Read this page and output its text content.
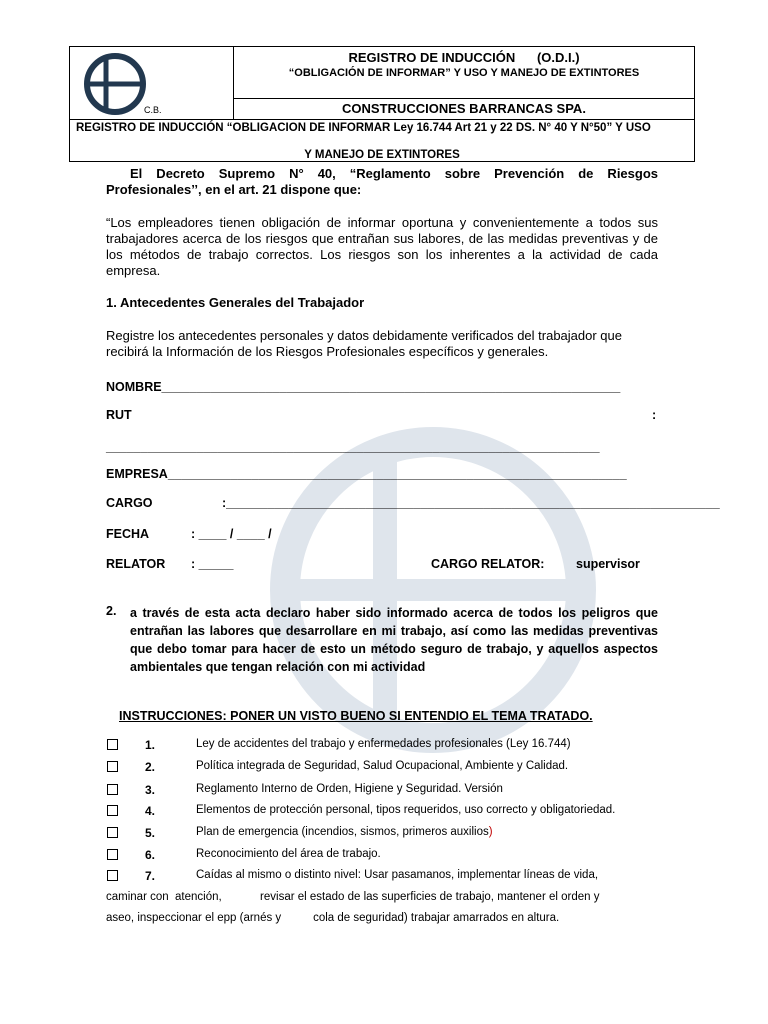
C.B.
REGISTRO DE INDUCCIÓN      (O.D.I.)
“OBLIGACIÓN DE INFORMAR” Y USO Y MANEJO DE EXTINTORES
CONSTRUCCIONES BARRANCAS SPA.
REGISTRO DE INDUCCIÓN “OBLIGACION DE INFORMAR Ley 16.744 Art 21 y 22 DS. N° 40 Y N°50” Y USO
Y MANEJO DE EXTINTORES
El Decreto Supremo N° 40, “Reglamento sobre Prevención de Riesgos Profesionales’’, en el art. 21 dispone que:
“Los empleadores tienen obligación de informar oportuna y convenientemente a todos sus trabajadores acerca de los riesgos que entrañan sus labores, de las medidas preventivas y de los métodos de trabajo correctos. Los riesgos son los inherentes a la actividad de cada empresa.
1. Antecedentes Generales del Trabajador
Registre los antecedentes personales y datos debidamente verificados del trabajador que recibirá la Información de los Riesgos Profesionales específicos y generales.
NOMBRE__________________________________________________________________
RUT	:
_______________________________________________________________________
EMPRESA__________________________________________________________________
CARGO	:_______________________________________________________________________
FECHA	: ____ / ____ /
RELATOR : _____	CARGO RELATOR:	supervisor
2. a través de esta acta declaro haber sido informado acerca de todos los peligros que entrañan las labores que desarrollare en mi trabajo, así como las medidas preventivas que debo tomar para hacer de esto un método seguro de trabajo, y aquellos aspectos ambientales que tengan relación con mi actividad
INSTRUCCIONES: PONER UN VISTO BUENO SI ENTENDIO EL TEMA TRATADO.
1.	Ley de accidentes del trabajo y enfermedades profesionales (Ley 16.744)
2.	Política integrada de Seguridad, Salud Ocupacional, Ambiente y Calidad.
3.	Reglamento Interno de Orden, Higiene y Seguridad. Versión
4.	Elementos de protección personal, tipos requeridos, uso correcto y obligatoriedad.
5.	Plan de emergencia (incendios, sismos, primeros auxilios)
6.	Reconocimiento del área de trabajo.
7.	Caídas al mismo o distinto nivel: Usar pasamanos, implementar líneas de vida,
caminar con  atención,            revisar el estado de las superficies de trabajo, mantener el orden y
aseo, inspeccionar el epp (arnés y          cola de seguridad) trabajar amarrados en altura.
